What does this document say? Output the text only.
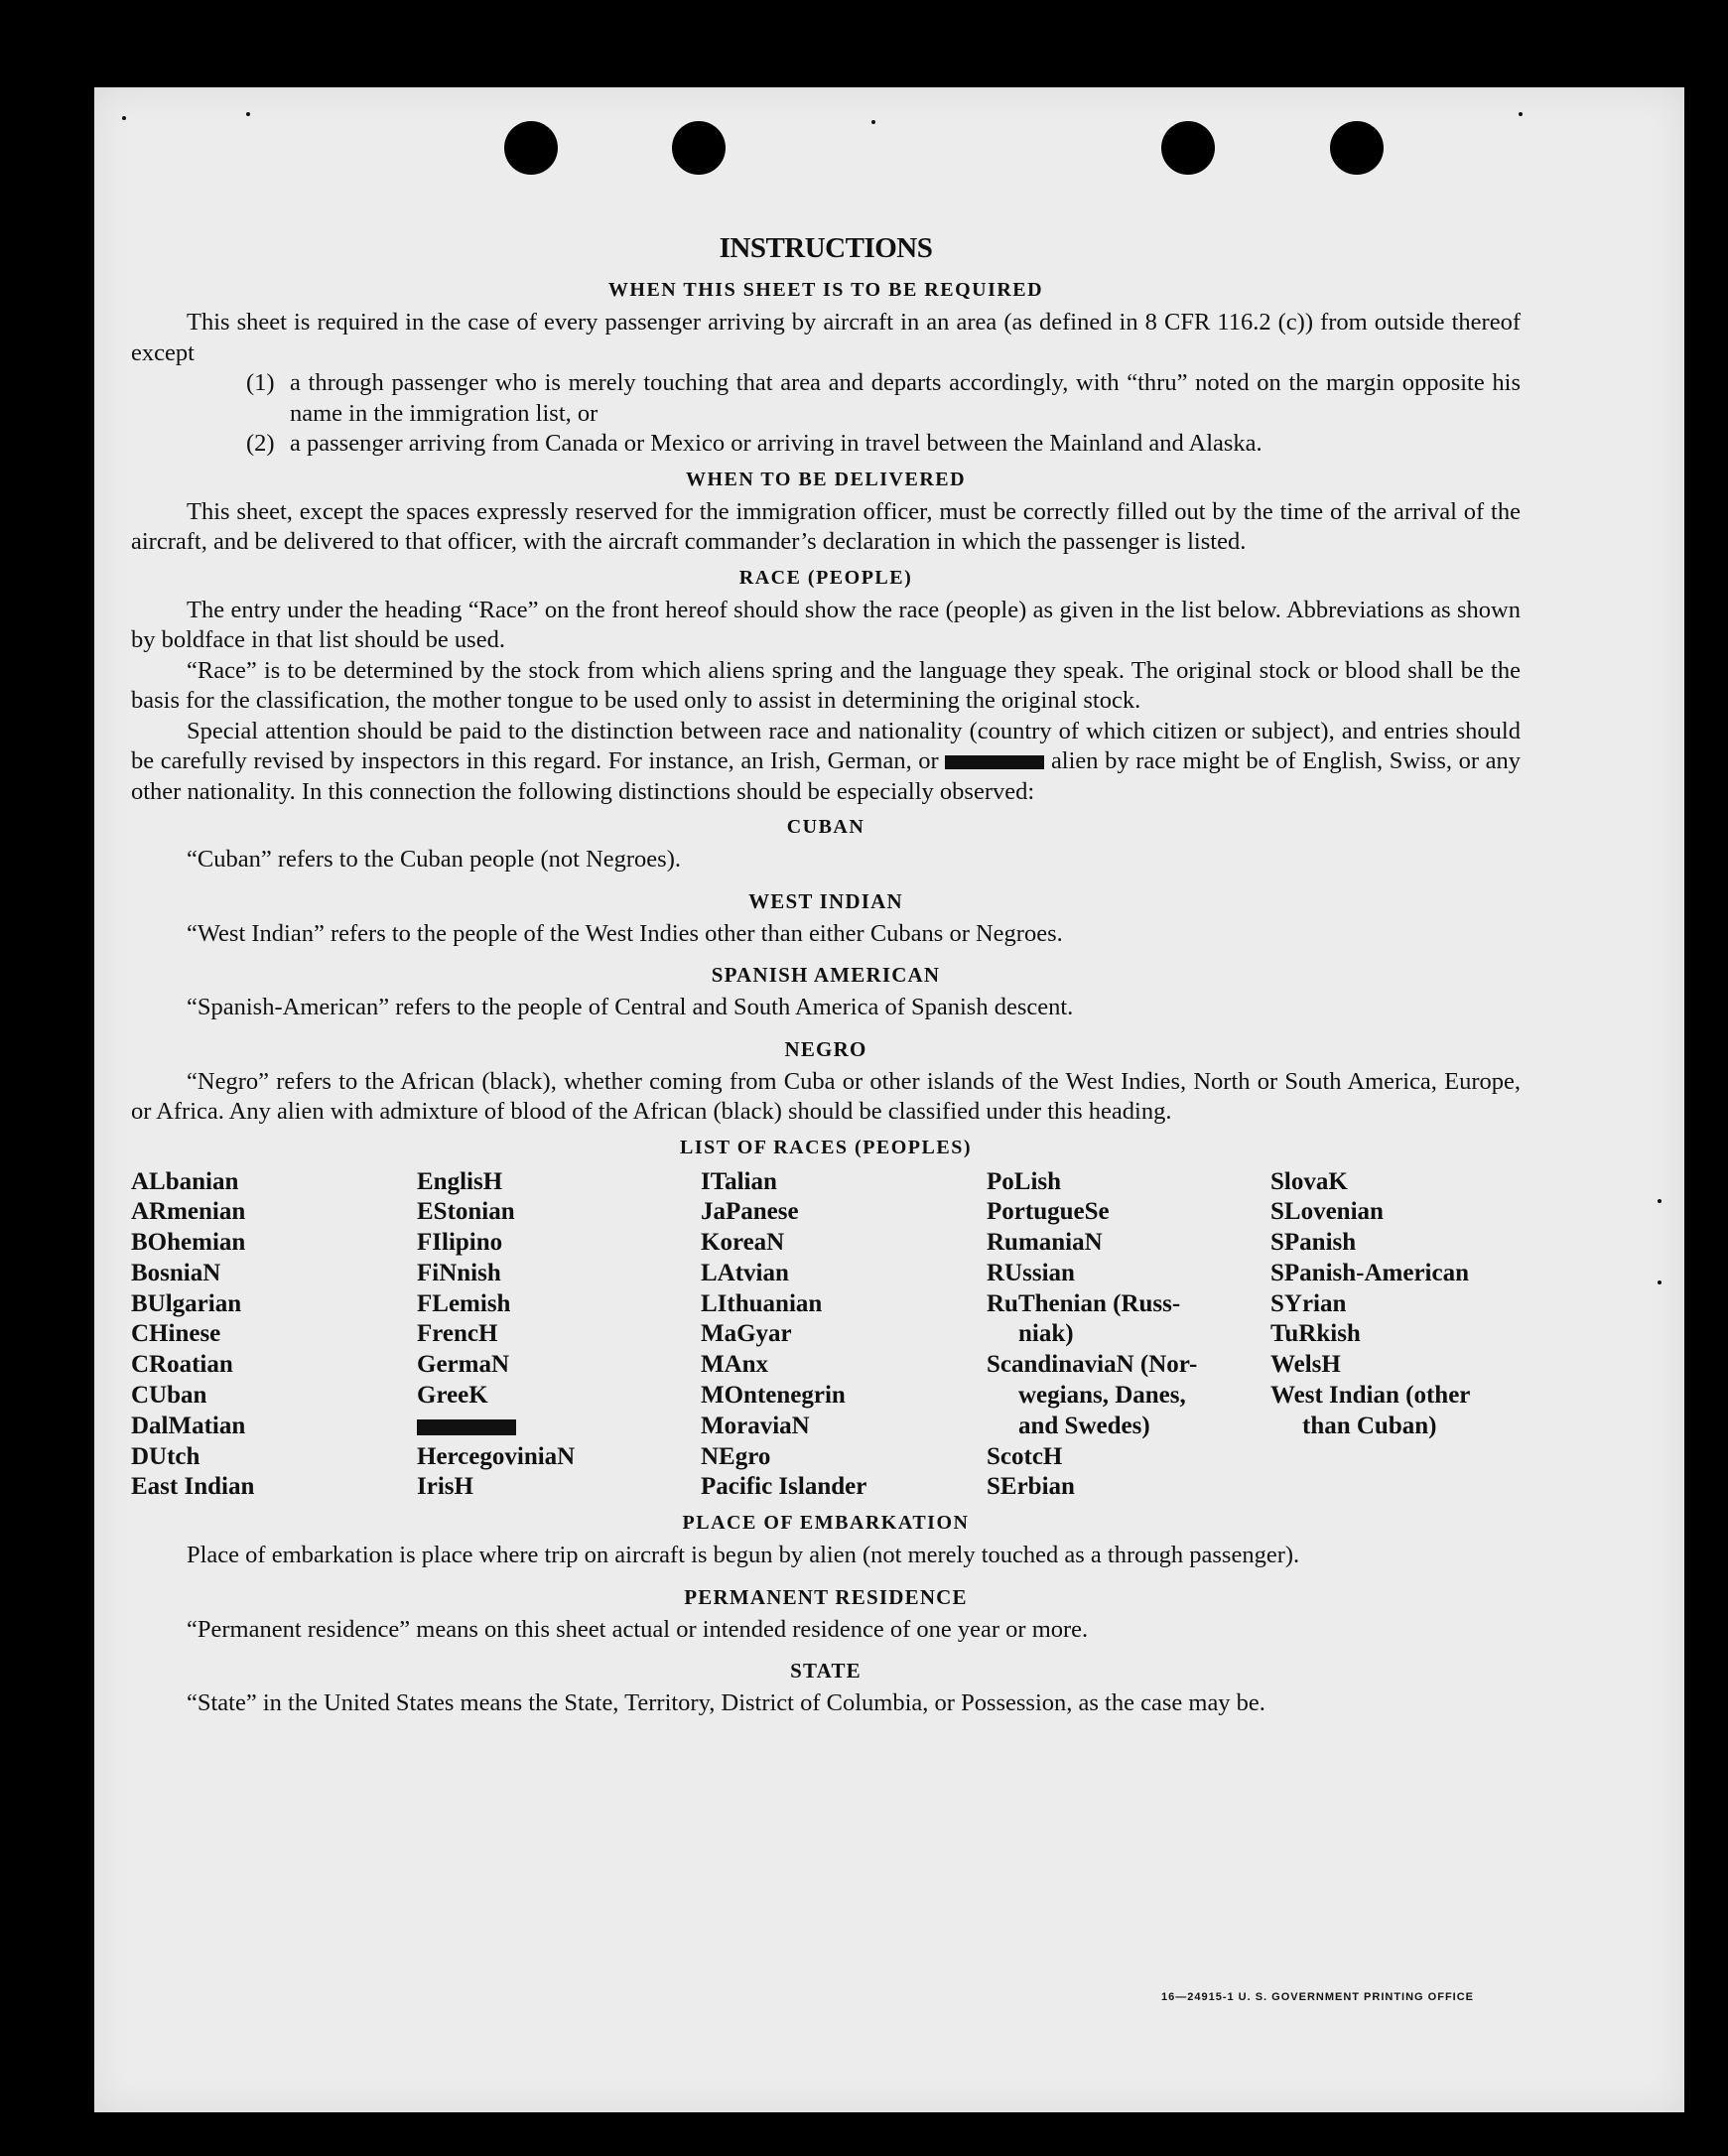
INSTRUCTIONS
WHEN THIS SHEET IS TO BE REQUIRED

This sheet is required in the case of every passenger arriving by aircraft in an area (as defined in 8 CFR 116.2 (c)) from outside thereof except

(1) a through passenger who is merely touching that area and departs accordingly, with “thru” noted on the margin opposite his name in the immigration list, or
(2) a passenger arriving from Canada or Mexico or arriving in travel between the Mainland and Alaska.
WHEN TO BE DELIVERED

This sheet, except the spaces expressly reserved for the immigration officer, must be correctly filled out by the time of the arrival of the aircraft, and be delivered to that officer, with the aircraft commander’s declaration in which the passenger is listed.

RACE (PEOPLE)

The entry under the heading “Race” on the front hereof should show the race (people) as given in the list below. Abbreviations as shown by boldface in that list should be used.

“Race” is to be determined by the stock from which aliens spring and the language they speak. The original stock or blood shall be the basis for the classification, the mother tongue to be used only to assist in determining the original stock.

Special attention should be paid to the distinction between race and nationality (country of which citizen or subject), and entries should be carefully revised by inspectors in this regard. For instance, an Irish, German, or	alien by race might be of English, Swiss, or any other nationality. In this connection the following distinctions should be especially observed:

CUBAN

“Cuban” refers to the Cuban people (not Negroes).

WEST INDIAN

“West Indian” refers to the people of the West Indies other than either Cubans or Negroes.

SPANISH AMERICAN

“Spanish-American” refers to the people of Central and South America of Spanish descent.

NEGRO

“Negro” refers to the African (black), whether coming from Cuba or other islands of the West Indies, North or South America, Europe, or Africa. Any alien with admixture of blood of the African (black) should be classified under this heading.

LIST OF RACES (PEOPLES)
ALbanian
ARmenian
BOhemian
BosniaN
BUlgarian
CHinese
CRoatian
CUban
DalMatian
DUtch
East Indian
EnglisH
EStonian
FIlipino
FiNnish
FLemish
FrencH
GermaN
GreeK
HercegoviniaN
IrisH
ITalian
JaPanese
KoreaN
LAtvian
LIthuanian
MaGyar
MAnx
MOntenegrin
MoraviaN
NEgro
Pacific Islander
PoLish
PortugueSe
RumaniaN
RUssian
RuThenian (Russ-
niak)
ScandinaviaN (Nor-
wegians, Danes,
and Swedes)
ScotcH
SErbian
SlovaK
SLovenian
SPanish
SPanish-American
SYrian
TuRkish
WelsH
West Indian (other
than Cuban)

PLACE OF EMBARKATION

Place of embarkation is place where trip on aircraft is begun by alien (not merely touched as a through passenger).

PERMANENT RESIDENCE

“Permanent residence” means on this sheet actual or intended residence of one year or more.

STATE

“State” in the United States means the State, Territory, District of Columbia, or Possession, as the case may be.

16—24915-1 U. S. GOVERNMENT PRINTING OFFICE
